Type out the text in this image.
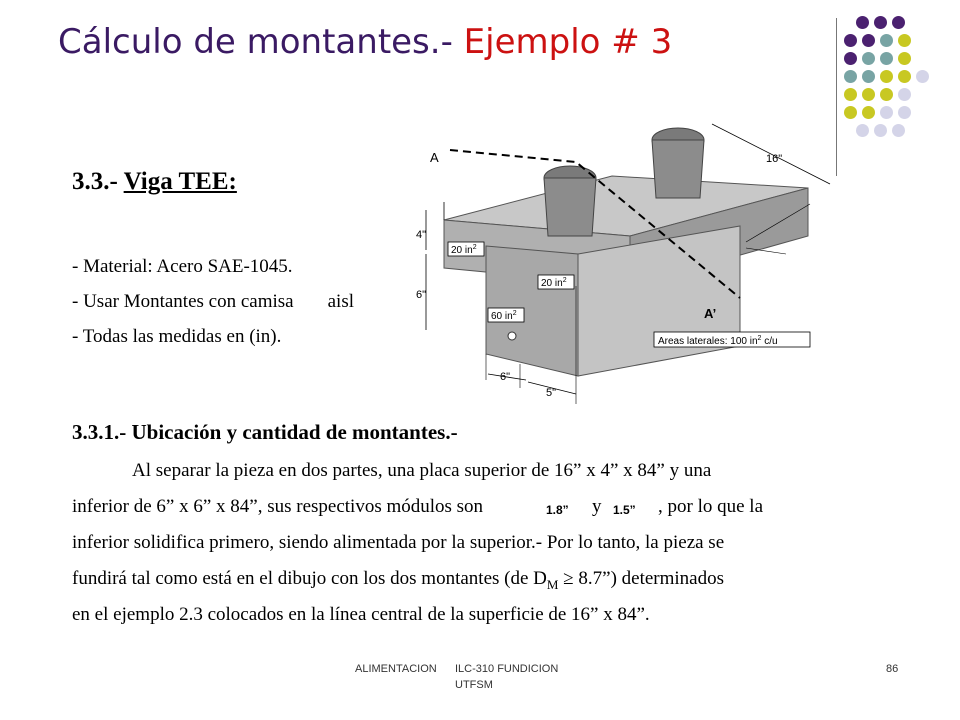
Cálculo de montantes.- Ejemplo # 3
3.3.- Viga TEE:
- Material: Acero SAE-1045.
- Usar Montantes con camisa aisl
- Todas las medidas en (in).
A
A’
16"
4"
6"
6"
5"
20 $in^2$
20 $in^2$
60 $in^2$
Areas laterales: 100 $in^2$ c/u
3.3.1.- Ubicación y cantidad de montantes.-
Al separar la pieza en dos partes, una placa superior de 16” x 4” x 84” y una
inferior de 6” x 6” x 84”, sus respectivos módulos son	1.8” y 1.5” , por lo que la
inferior solidifica primero, siendo alimentada por la superior.- Por lo tanto, la pieza se
fundirá tal como está en el dibujo con los dos montantes (de $D_M$ ≥ 8.7”) determinados
en el ejemplo 2.3 colocados en la línea central de la superficie de 16” x 84”.
ALIMENTACION ILC-310 FUNDICION
UTFSM
86
